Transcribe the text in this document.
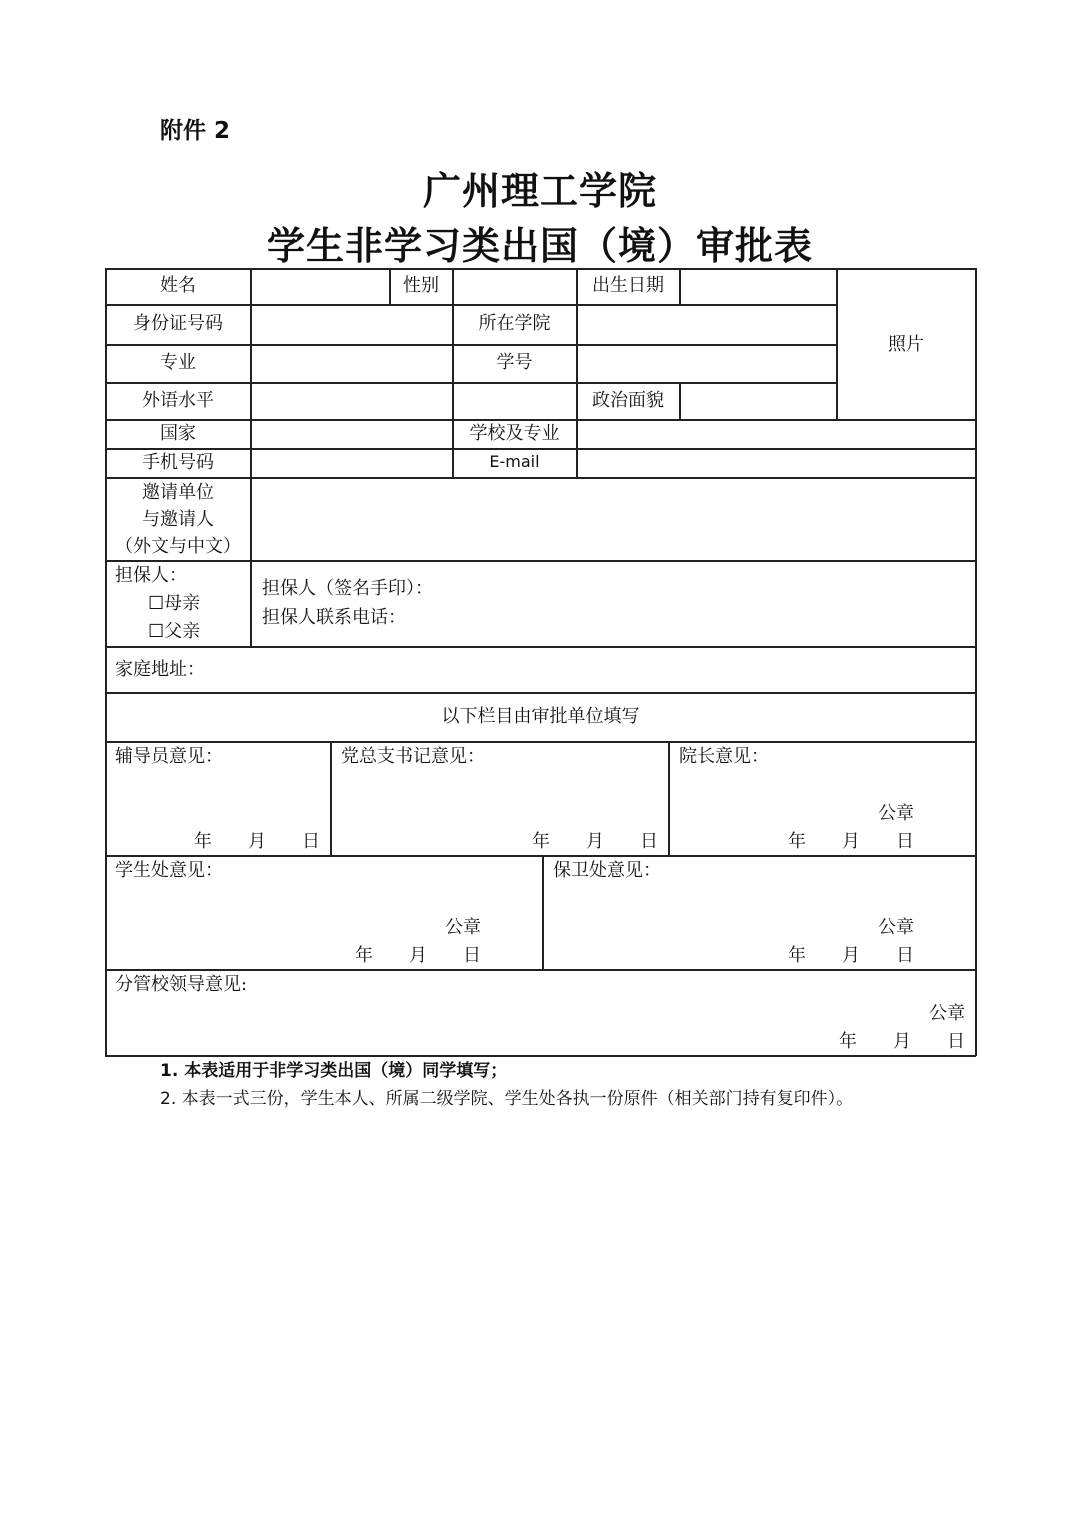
附件 2
广州理工学院
学生非学习类出国（境）审批表
姓名	性别	出生日期
照片
身份证号码	所在学院
专业	学号
外语水平	政治面貌
国家	学校及专业
手机号码	E-mail
邀请单位
与邀请人
（外文与中文）
担保人：
☐母亲
☐父亲
担保人（签名手印）：
担保人联系电话：
家庭地址：
以下栏目由审批单位填写
辅导员意见：
年　　月　　日
党总支书记意见：
年　　月　　日
院长意见：
公章
年　　月　　日
学生处意见：
公章
年　　月　　日
保卫处意见：
公章
年　　月　　日
分管校领导意见:
公章
年　　月　　日
1. 本表适用于非学习类出国（境）同学填写；
2. 本表一式三份，学生本人、所属二级学院、学生处各执一份原件（相关部门持有复印件）。
